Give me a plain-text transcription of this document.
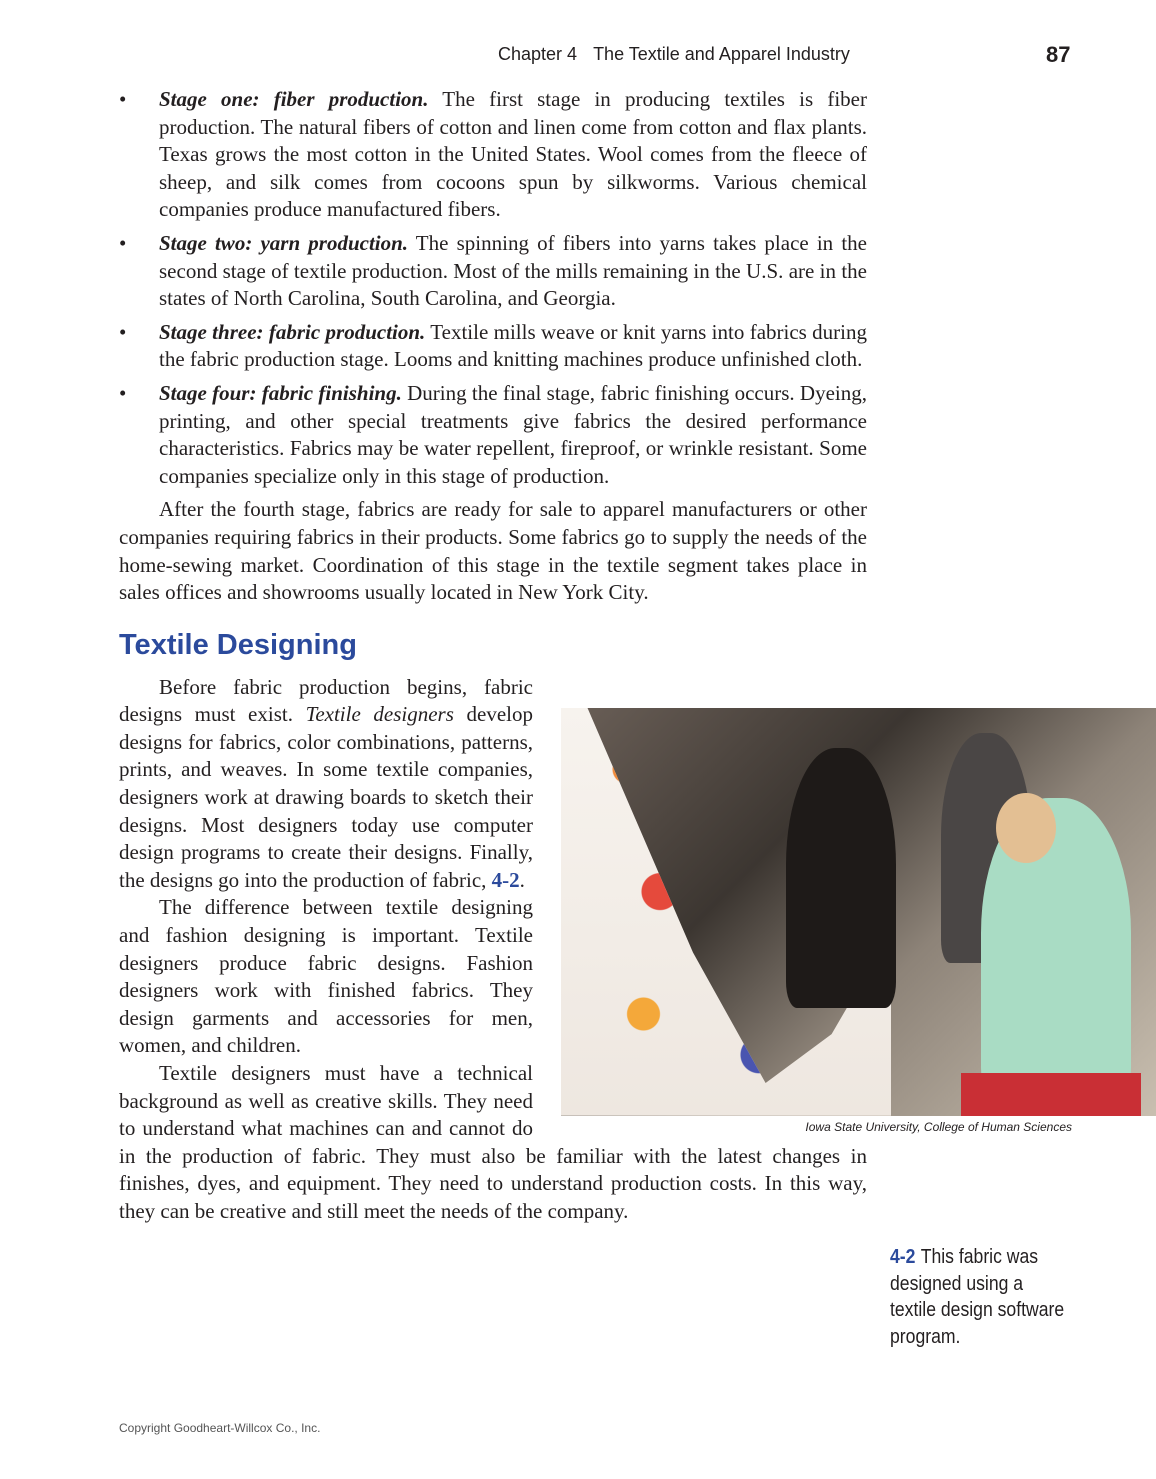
Chapter 4 The Textile and Apparel Industry	87
• Stage one: fiber production. The first stage in producing textiles is fiber production. The natural fibers of cotton and linen come from cotton and flax plants. Texas grows the most cotton in the United States. Wool comes from the fleece of sheep, and silk comes from cocoons spun by silkworms. Various chemical companies produce manufactured fibers.
• Stage two: yarn production. The spinning of fibers into yarns takes place in the second stage of textile production. Most of the mills remaining in the U.S. are in the states of North Carolina, South Carolina, and Georgia.
• Stage three: fabric production. Textile mills weave or knit yarns into fabrics during the fabric production stage. Looms and knitting machines produce unfinished cloth.
• Stage four: fabric finishing. During the final stage, fabric finishing occurs. Dyeing, printing, and other special treatments give fabrics the desired performance characteristics. Fabrics may be water repellent, fireproof, or wrinkle resistant. Some companies specialize only in this stage of production.

After the fourth stage, fabrics are ready for sale to apparel manufacturers or other companies requiring fabrics in their products. Some fabrics go to supply the needs of the home-sewing market. Coordination of this stage in the textile segment takes place in sales offices and showrooms usually located in New York City.

Textile Designing
Iowa State University, College of Human Sciences

Before fabric production begins, fabric designs must exist. Textile designers develop designs for fabrics, color combinations, patterns, prints, and weaves. In some textile companies, designers work at drawing boards to sketch their designs. Most designers today use computer design programs to create their designs. Finally, the designs go into the production of fabric, 4-2.

The difference between textile designing and fashion designing is important. Textile designers produce fabric designs. Fashion designers work with finished fabrics. They design garments and accessories for men, women, and children.

Textile designers must have a technical background as well as creative skills. They need to understand what machines can and cannot do in the production of fabric. They must also be familiar with the latest changes in finishes, dyes, and equipment. They need to understand production costs. In this way, they can be creative and still meet the needs of the company.

4-2 This fabric was designed using a textile design software program.
Copyright Goodheart-Willcox Co., Inc.
